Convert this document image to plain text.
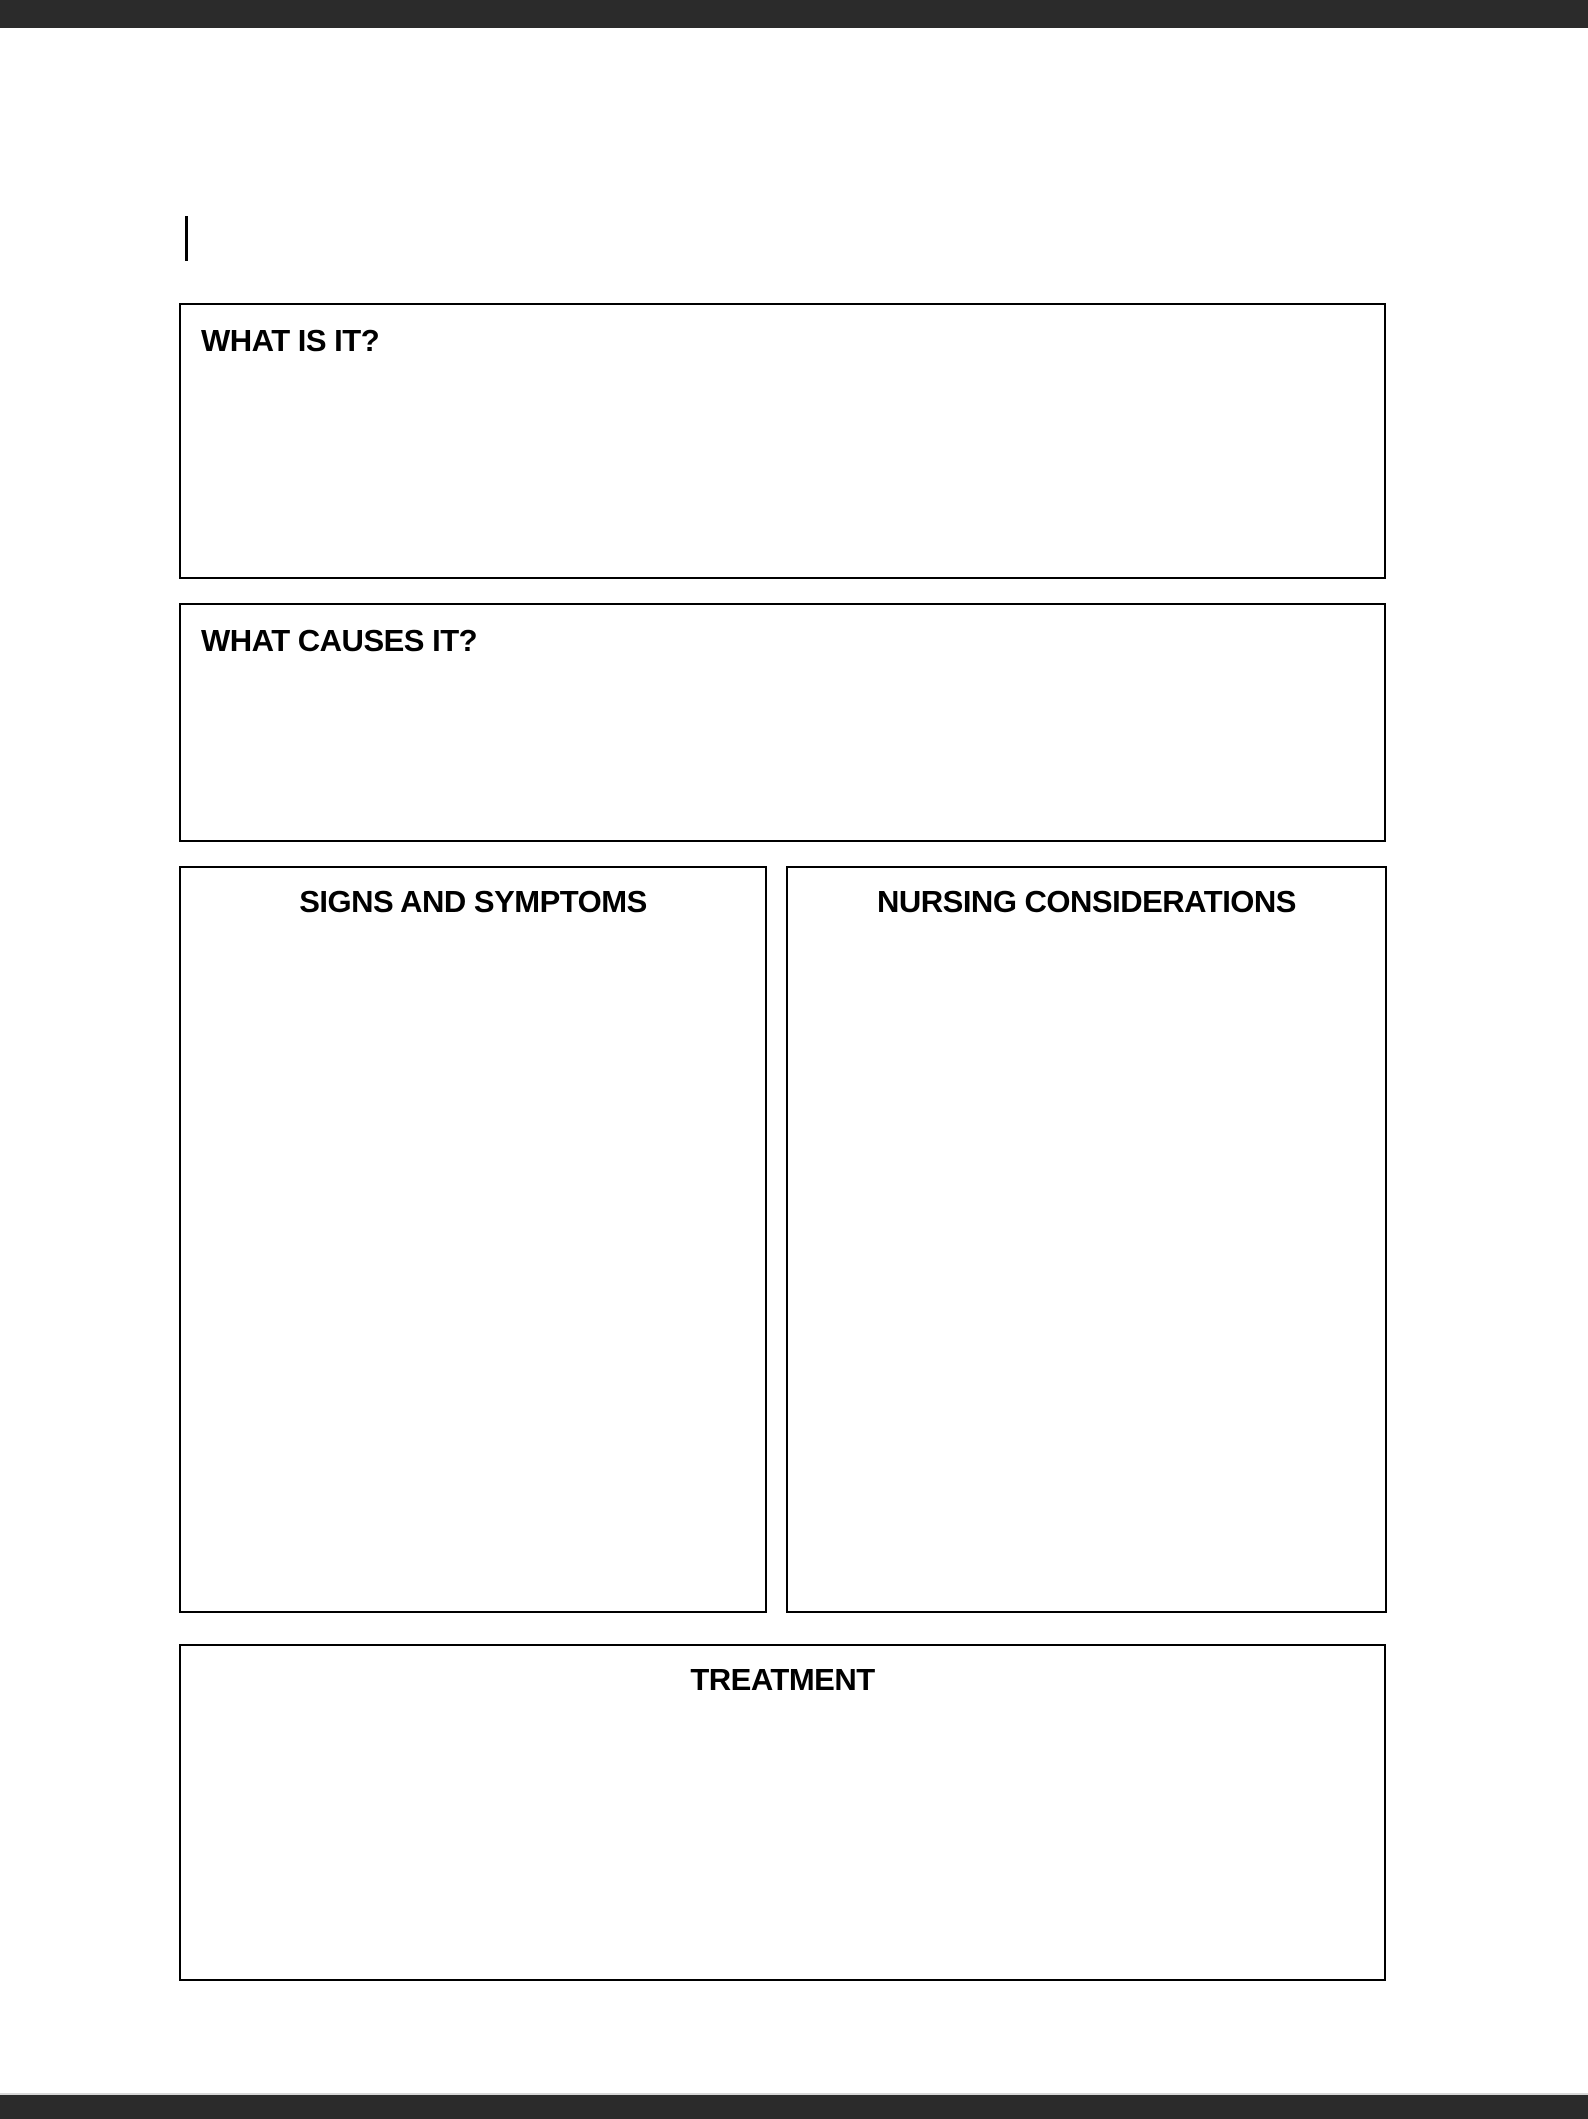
WHAT IS IT?
WHAT CAUSES IT?
SIGNS AND SYMPTOMS	NURSING CONSIDERATIONS
TREATMENT
